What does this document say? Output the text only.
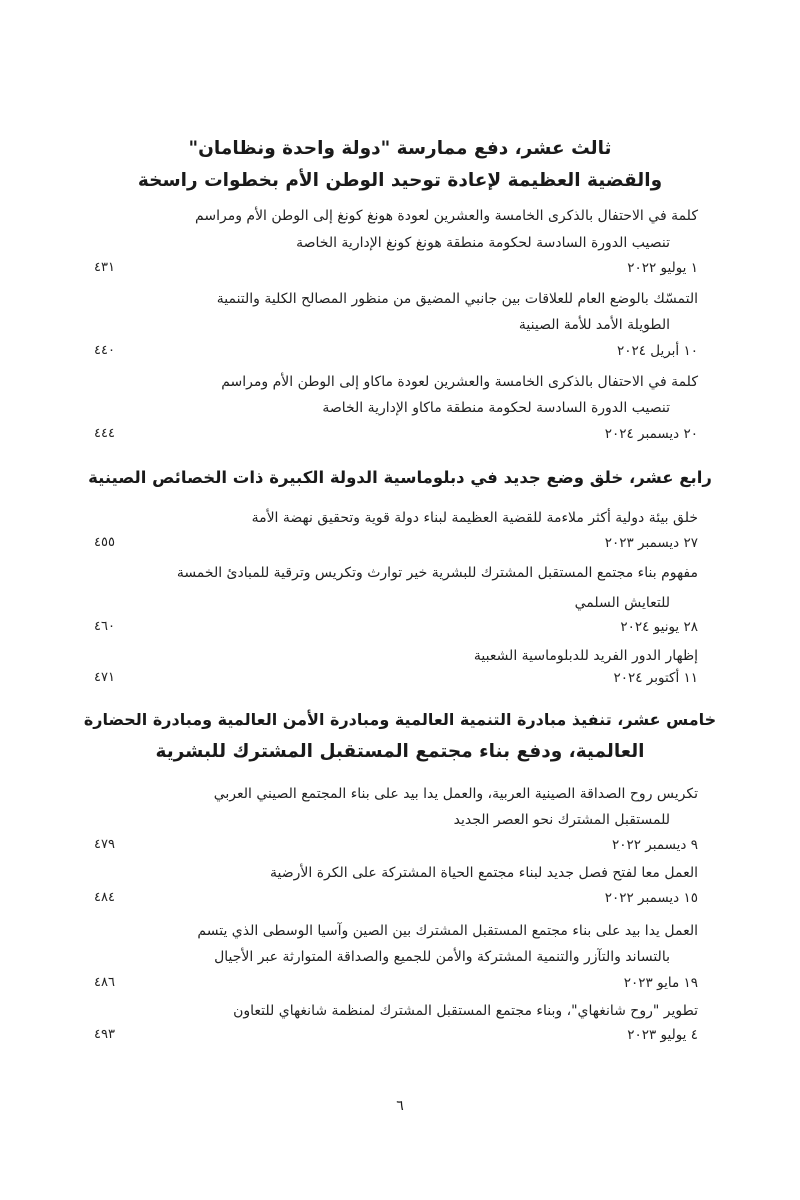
ثالث عشر، دفع ممارسة "دولة واحدة ونظامان"
والقضية العظيمة لإعادة توحيد الوطن الأم بخطوات راسخة
كلمة في الاحتفال بالذكرى الخامسة والعشرين لعودة هونغ كونغ إلى الوطن الأم ومراسم
تنصيب الدورة السادسة لحكومة منطقة هونغ كونغ الإدارية الخاصة
١ يوليو ٢٠٢٢
٤٣١
التمسّك بالوضع العام للعلاقات بين جانبي المضيق من منظور المصالح الكلية والتنمية
الطويلة الأمد للأمة الصينية
١٠ أبريل ٢٠٢٤
٤٤٠
كلمة في الاحتفال بالذكرى الخامسة والعشرين لعودة ماكاو إلى الوطن الأم ومراسم
تنصيب الدورة السادسة لحكومة منطقة ماكاو الإدارية الخاصة
٢٠ ديسمبر ٢٠٢٤
٤٤٤
رابع عشر، خلق وضع جديد في دبلوماسية الدولة الكبيرة ذات الخصائص الصينية
خلق بيئة دولية أكثر ملاءمة للقضية العظيمة لبناء دولة قوية وتحقيق نهضة الأمة
٢٧ ديسمبر ٢٠٢٣
٤٥٥
مفهوم بناء مجتمع المستقبل المشترك للبشرية خير توارث وتكريس وترقية للمبادئ الخمسة
للتعايش السلمي
٢٨ يونيو ٢٠٢٤
٤٦٠
إظهار الدور الفريد للدبلوماسية الشعبية
١١ أكتوبر ٢٠٢٤
٤٧١
خامس عشر، تنفيذ مبادرة التنمية العالمية ومبادرة الأمن العالمية ومبادرة الحضارة
العالمية، ودفع بناء مجتمع المستقبل المشترك للبشرية
تكريس روح الصداقة الصينية العربية، والعمل يدا بيد على بناء المجتمع الصيني العربي
للمستقبل المشترك نحو العصر الجديد
٩ ديسمبر ٢٠٢٢
٤٧٩
العمل معا لفتح فصل جديد لبناء مجتمع الحياة المشتركة على الكرة الأرضية
١٥ ديسمبر ٢٠٢٢
٤٨٤
العمل يدا بيد على بناء مجتمع المستقبل المشترك بين الصين وآسيا الوسطى الذي يتسم
بالتساند والتآزر والتنمية المشتركة والأمن للجميع والصداقة المتوارثة عبر الأجيال
١٩ مايو ٢٠٢٣
٤٨٦
تطوير "روح شانغهاي"، وبناء مجتمع المستقبل المشترك لمنظمة شانغهاي للتعاون
٤ يوليو ٢٠٢٣
٤٩٣
٦
